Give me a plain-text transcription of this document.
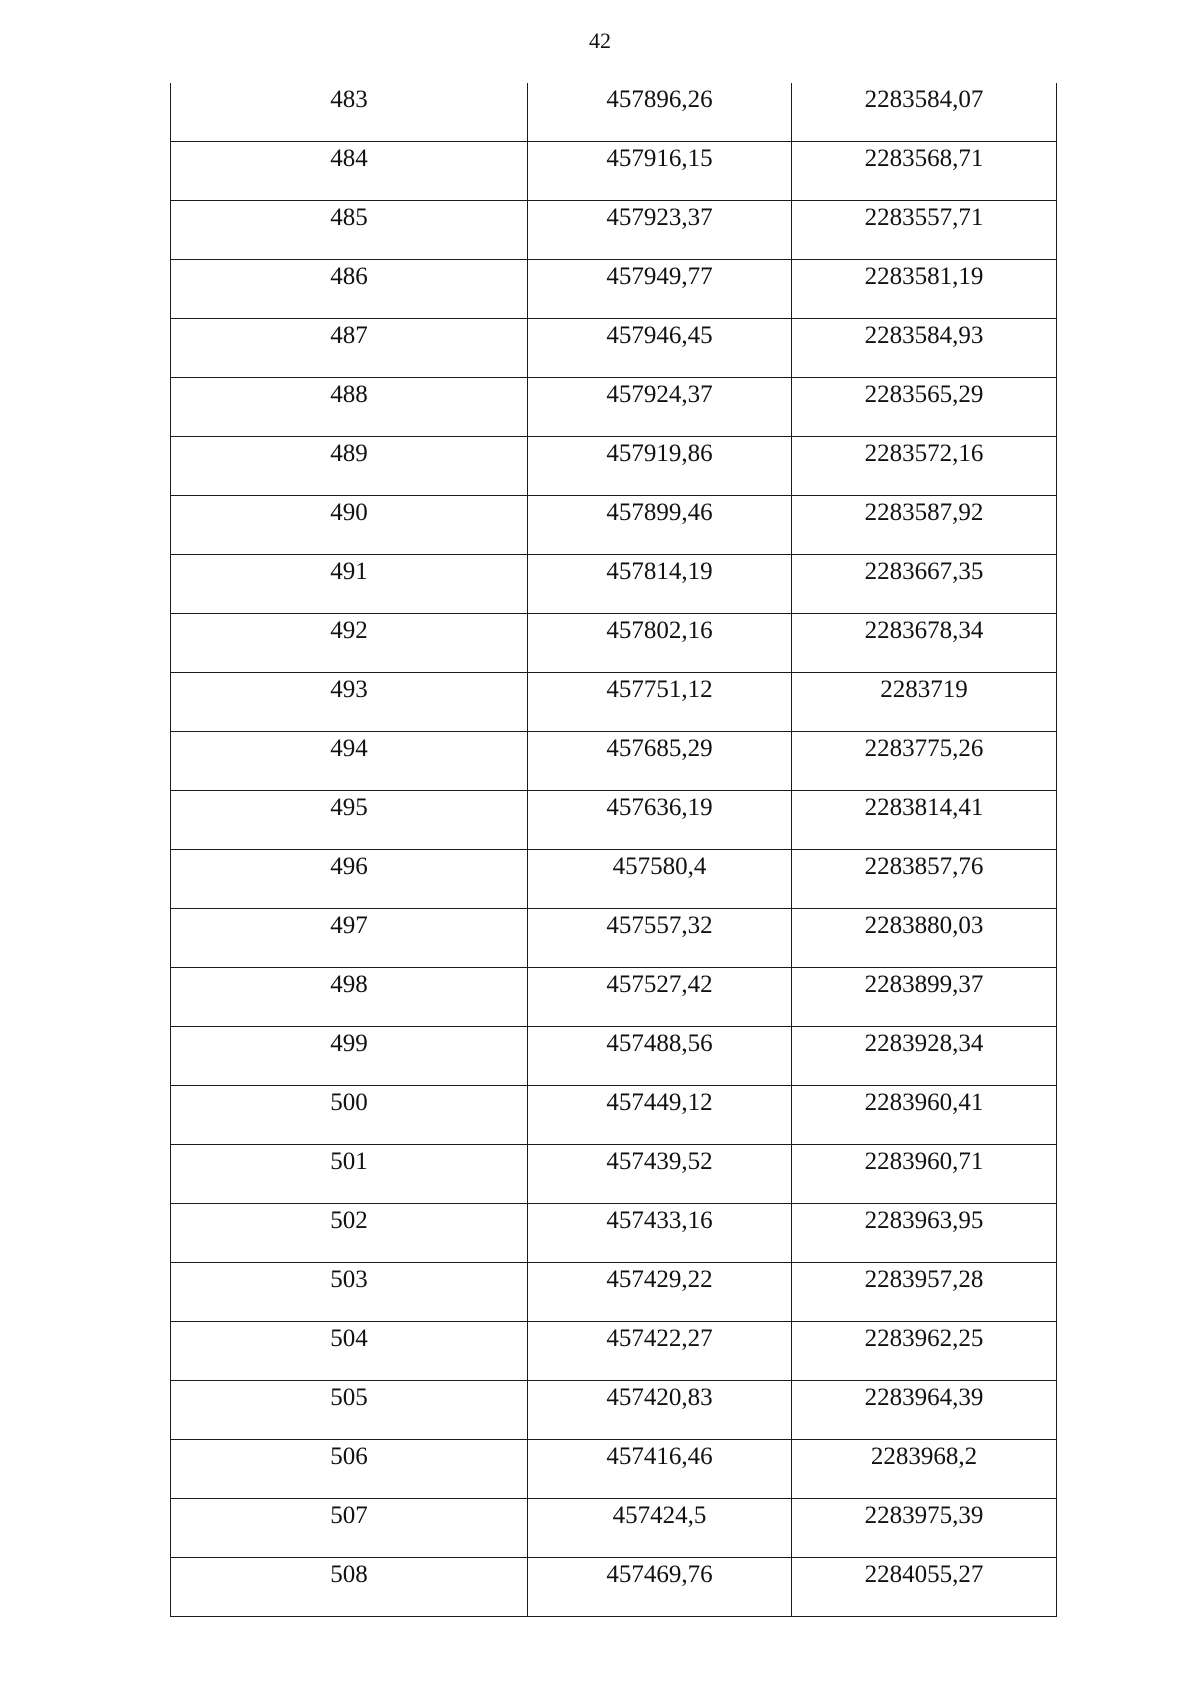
42
483	457896,26	2283584,07
484	457916,15	2283568,71
485	457923,37	2283557,71
486	457949,77	2283581,19
487	457946,45	2283584,93
488	457924,37	2283565,29
489	457919,86	2283572,16
490	457899,46	2283587,92
491	457814,19	2283667,35
492	457802,16	2283678,34
493	457751,12	2283719
494	457685,29	2283775,26
495	457636,19	2283814,41
496	457580,4	2283857,76
497	457557,32	2283880,03
498	457527,42	2283899,37
499	457488,56	2283928,34
500	457449,12	2283960,41
501	457439,52	2283960,71
502	457433,16	2283963,95
503	457429,22	2283957,28
504	457422,27	2283962,25
505	457420,83	2283964,39
506	457416,46	2283968,2
507	457424,5	2283975,39
508	457469,76	2284055,27
